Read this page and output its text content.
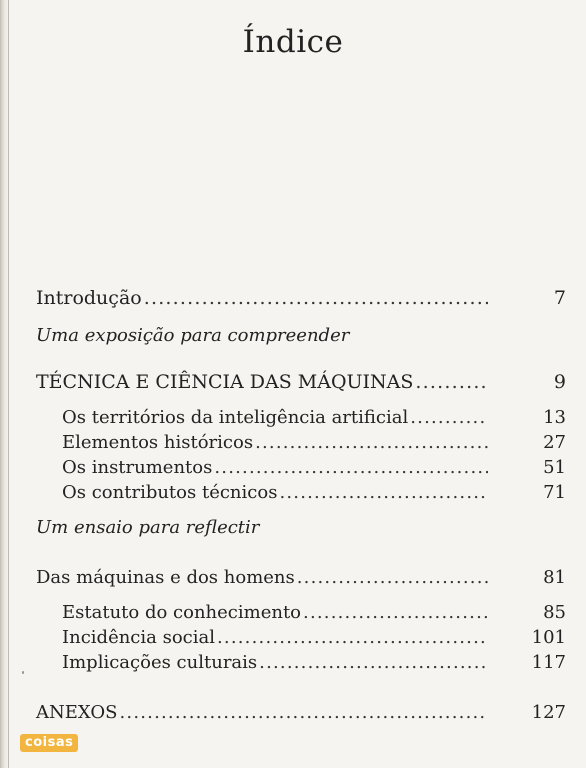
Índice
Introdução .....	7
Uma exposição para compreender
TÉCNICA E CIÊNCIA DAS MÁQUINAS .....	9
Os territórios da inteligência artificial .....	13
Elementos históricos .....	27
Os instrumentos .....	51
Os contributos técnicos .....	71
Um ensaio para reflectir
Das máquinas e dos homens .....	81
Estatuto do conhecimento .....	85
Incidência social .....	101
Implicações culturais .....	117
ANEXOS .....	127
coisas
